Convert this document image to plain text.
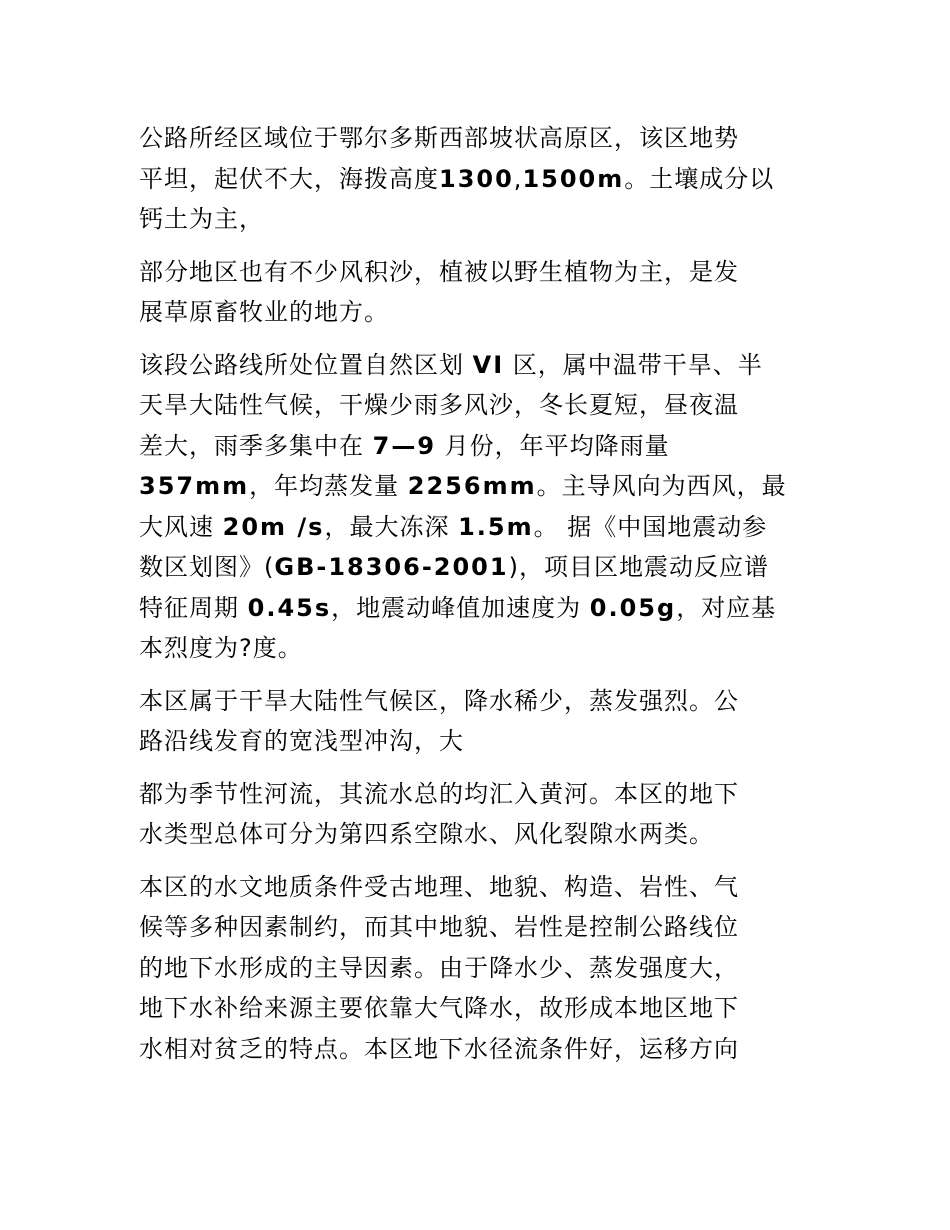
公路所经区域位于鄂尔多斯西部坡状高原区，该区地势
平坦，起伏不大，海拨高度1300,1500m。土壤成分以
钙土为主，

部分地区也有不少风积沙，植被以野生植物为主，是发
展草原畜牧业的地方。

该段公路线所处位置自然区划 VI 区，属中温带干旱、半
天旱大陆性气候，干燥少雨多风沙，冬长夏短，昼夜温
差大，雨季多集中在 7—9 月份，年平均降雨量
357mm，年均蒸发量 2256mm。主导风向为西风，最
大风速 20m /s，最大冻深 1.5m。 据《中国地震动参
数区划图》(GB-18306-2001)，项目区地震动反应谱
特征周期 0.45s，地震动峰值加速度为 0.05g，对应基
本烈度为?度。

本区属于干旱大陆性气候区，降水稀少，蒸发强烈。公
路沿线发育的宽浅型冲沟，大

都为季节性河流，其流水总的均汇入黄河。本区的地下
水类型总体可分为第四系空隙水、风化裂隙水两类。

本区的水文地质条件受古地理、地貌、构造、岩性、气
候等多种因素制约，而其中地貌、岩性是控制公路线位
的地下水形成的主导因素。由于降水少、蒸发强度大，
地下水补给来源主要依靠大气降水，故形成本地区地下
水相对贫乏的特点。本区地下水径流条件好，运移方向
